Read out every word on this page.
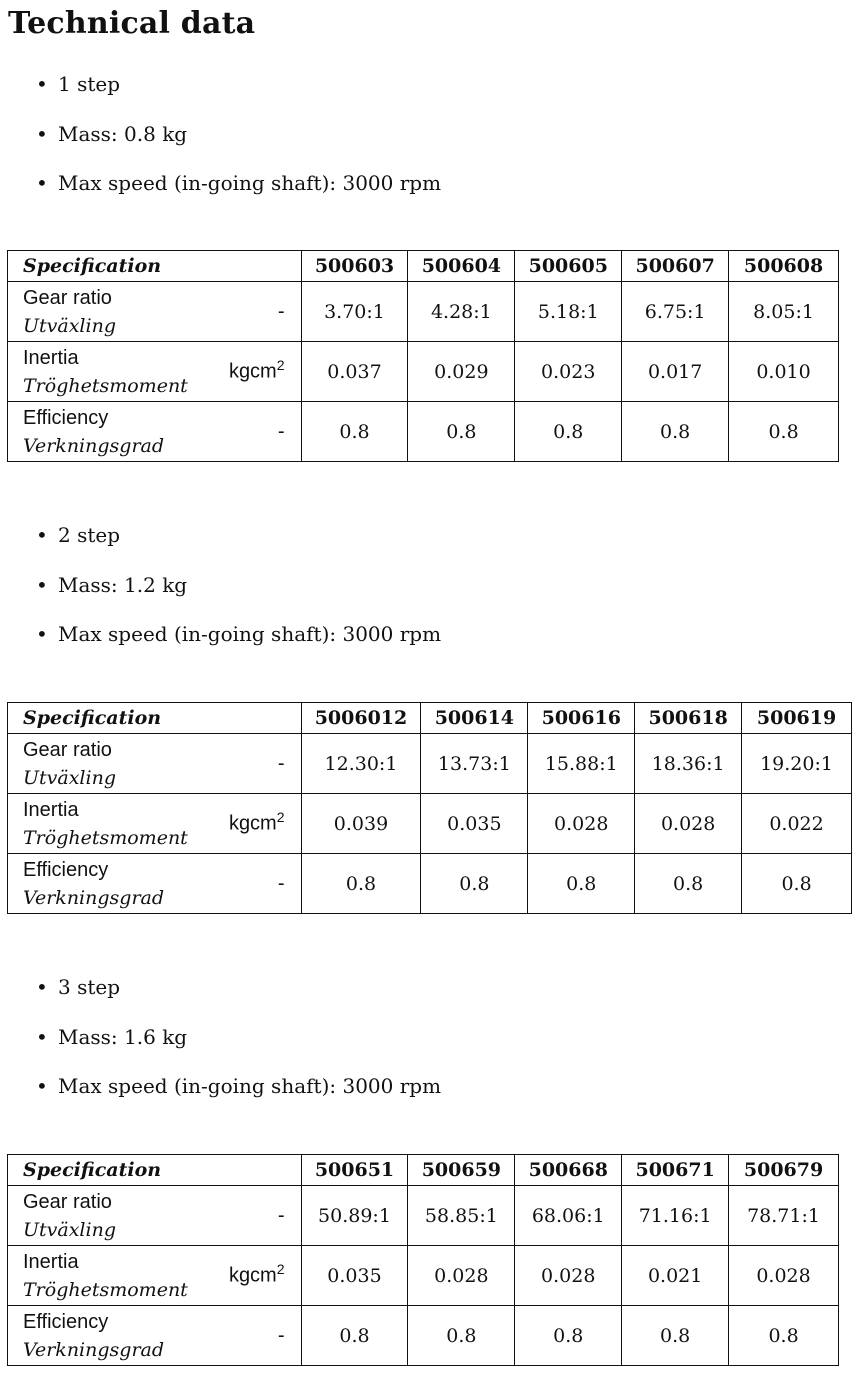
Technical data
• 1 step
• Mass: 0.8 kg
• Max speed (in-going shaft): 3000 rpm
Specification	500603	500604	500605	500607	500608

Gear ratio
Utväxling
-	3.70:1	4.28:1	5.18:1	6.75:1	8.05:1

Inertia
Tröghetsmoment
kgcm$^2$	0.037	0.029	0.023	0.017	0.010

Efficiency
Verkningsgrad
-	0.8	0.8	0.8	0.8	0.8
• 2 step
• Mass: 1.2 kg
• Max speed (in-going shaft): 3000 rpm
Specification	5006012	500614	500616	500618	500619

Gear ratio
Utväxling
-	12.30:1	13.73:1	15.88:1	18.36:1	19.20:1

Inertia
Tröghetsmoment
kgcm$^2$	0.039	0.035	0.028	0.028	0.022

Efficiency
Verkningsgrad
-	0.8	0.8	0.8	0.8	0.8
• 3 step
• Mass: 1.6 kg
• Max speed (in-going shaft): 3000 rpm
Specification	500651	500659	500668	500671	500679

Gear ratio
Utväxling
-	50.89:1	58.85:1	68.06:1	71.16:1	78.71:1

Inertia
Tröghetsmoment
kgcm$^2$	0.035	0.028	0.028	0.021	0.028

Efficiency
Verkningsgrad
-	0.8	0.8	0.8	0.8	0.8
